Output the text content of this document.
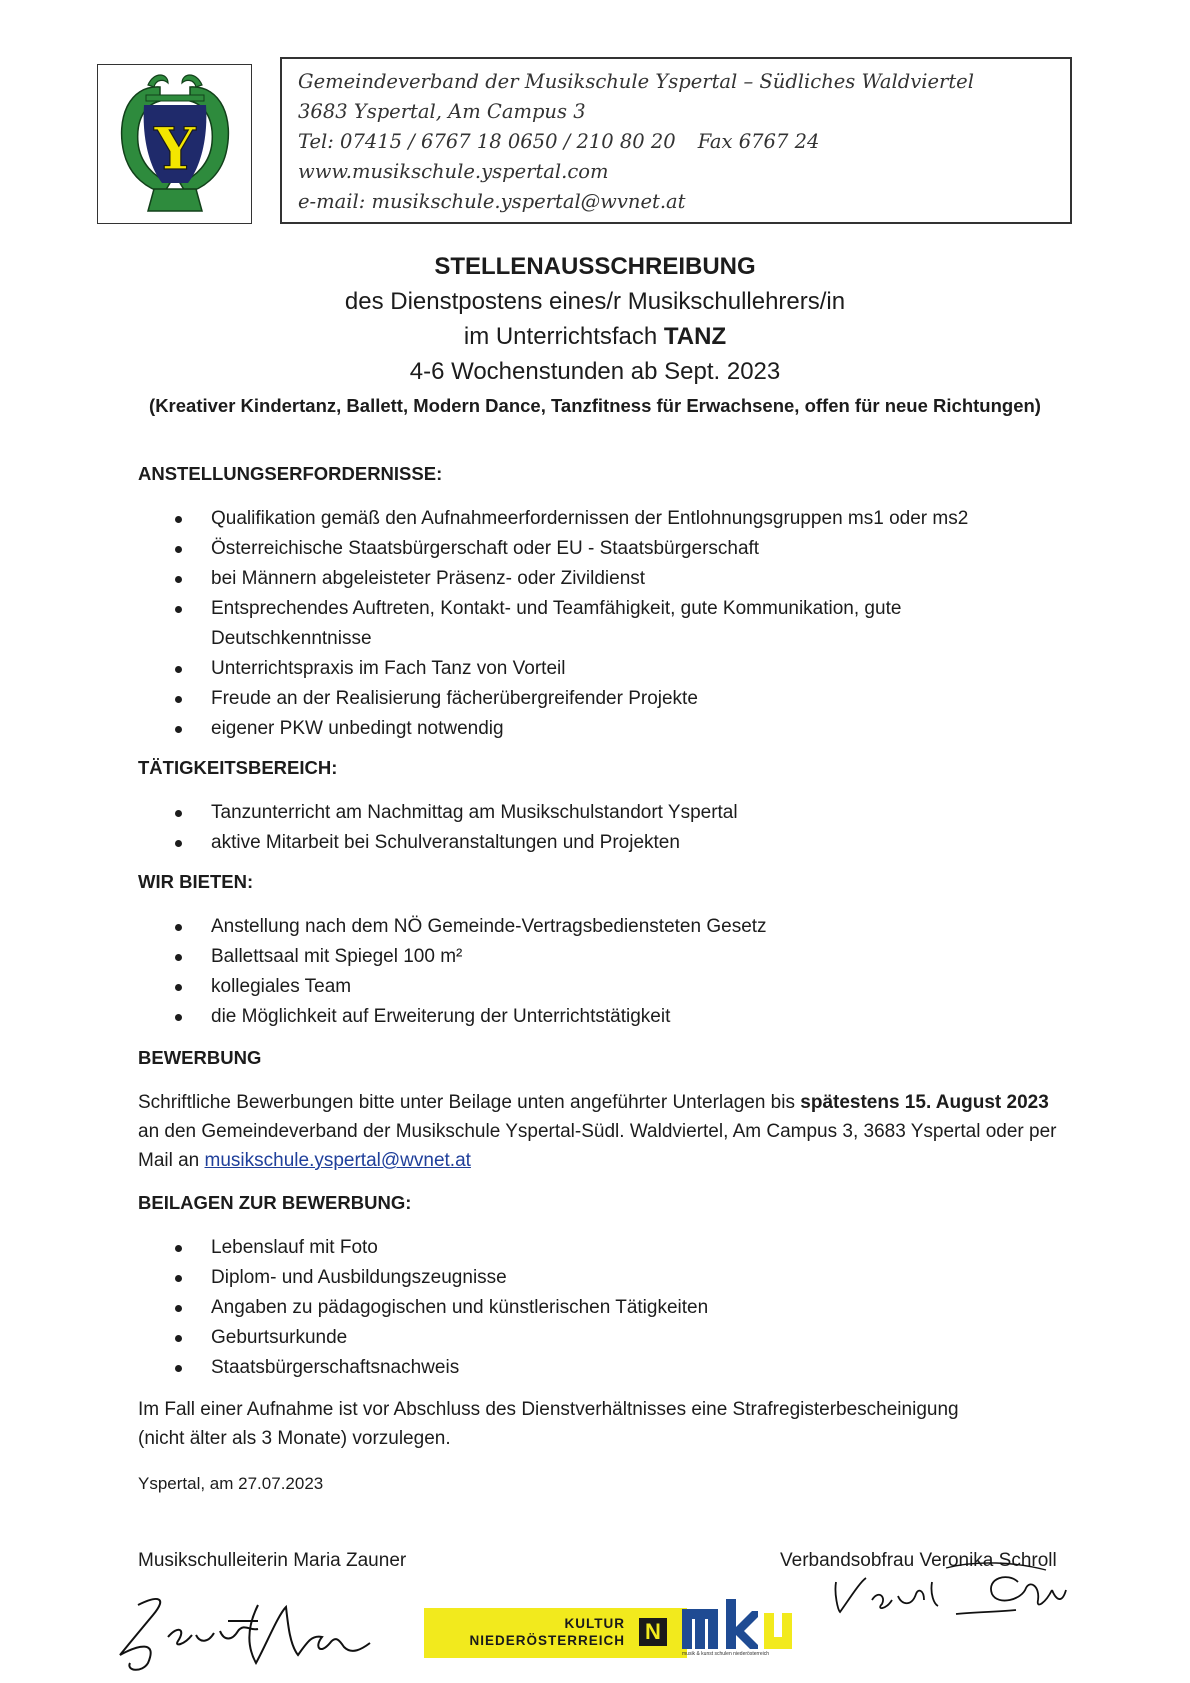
Y
Gemeindeverband der Musikschule Yspertal – Südliches Waldviertel
3683 Yspertal, Am Campus 3
Tel: 07415 / 6767 18 0650 / 210 80 20 Fax 6767 24
www.musikschule.yspertal.com
e-mail: musikschule.yspertal@wvnet.at
STELLENAUSSCHREIBUNG
des Dienstpostens eines/r Musikschullehrers/in
im Unterrichtsfach TANZ
4-6 Wochenstunden ab Sept. 2023
(Kreativer Kindertanz, Ballett, Modern Dance, Tanzfitness für Erwachsene, offen für neue Richtungen)
ANSTELLUNGSERFORDERNISSE:
Qualifikation gemäß den Aufnahmeerfordernissen der Entlohnungsgruppen ms1 oder ms2
Österreichische Staatsbürgerschaft oder EU - Staatsbürgerschaft
bei Männern abgeleisteter Präsenz- oder Zivildienst
Entsprechendes Auftreten, Kontakt- und Teamfähigkeit, gute Kommunikation, gute Deutschkenntnisse
Unterrichtspraxis im Fach Tanz von Vorteil
Freude an der Realisierung fächerübergreifender Projekte
eigener PKW unbedingt notwendig
TÄTIGKEITSBEREICH:
Tanzunterricht am Nachmittag am Musikschulstandort Yspertal
aktive Mitarbeit bei Schulveranstaltungen und Projekten
WIR BIETEN:
Anstellung nach dem NÖ Gemeinde-Vertragsbediensteten Gesetz
Ballettsaal mit Spiegel 100 m²
kollegiales Team
die Möglichkeit auf Erweiterung der Unterrichtstätigkeit
BEWERBUNG
Schriftliche Bewerbungen bitte unter Beilage unten angeführter Unterlagen bis spätestens 15. August 2023 an den Gemeindeverband der Musikschule Yspertal-Südl. Waldviertel, Am Campus 3, 3683 Yspertal oder per Mail an musikschule.yspertal@wvnet.at
BEILAGEN ZUR BEWERBUNG:
Lebenslauf mit Foto
Diplom- und Ausbildungszeugnisse
Angaben zu pädagogischen und künstlerischen Tätigkeiten
Geburtsurkunde
Staatsbürgerschaftsnachweis
Im Fall einer Aufnahme ist vor Abschluss des Dienstverhältnisses eine Strafregisterbescheinigung (nicht älter als 3 Monate) vorzulegen.
Yspertal, am 27.07.2023
Musikschulleiterin Maria Zauner	Verbandsobfrau Veronika Schroll
KULTUR
NIEDERÖSTERREICH N
mku
musik & kunst schulen niederösterreich
